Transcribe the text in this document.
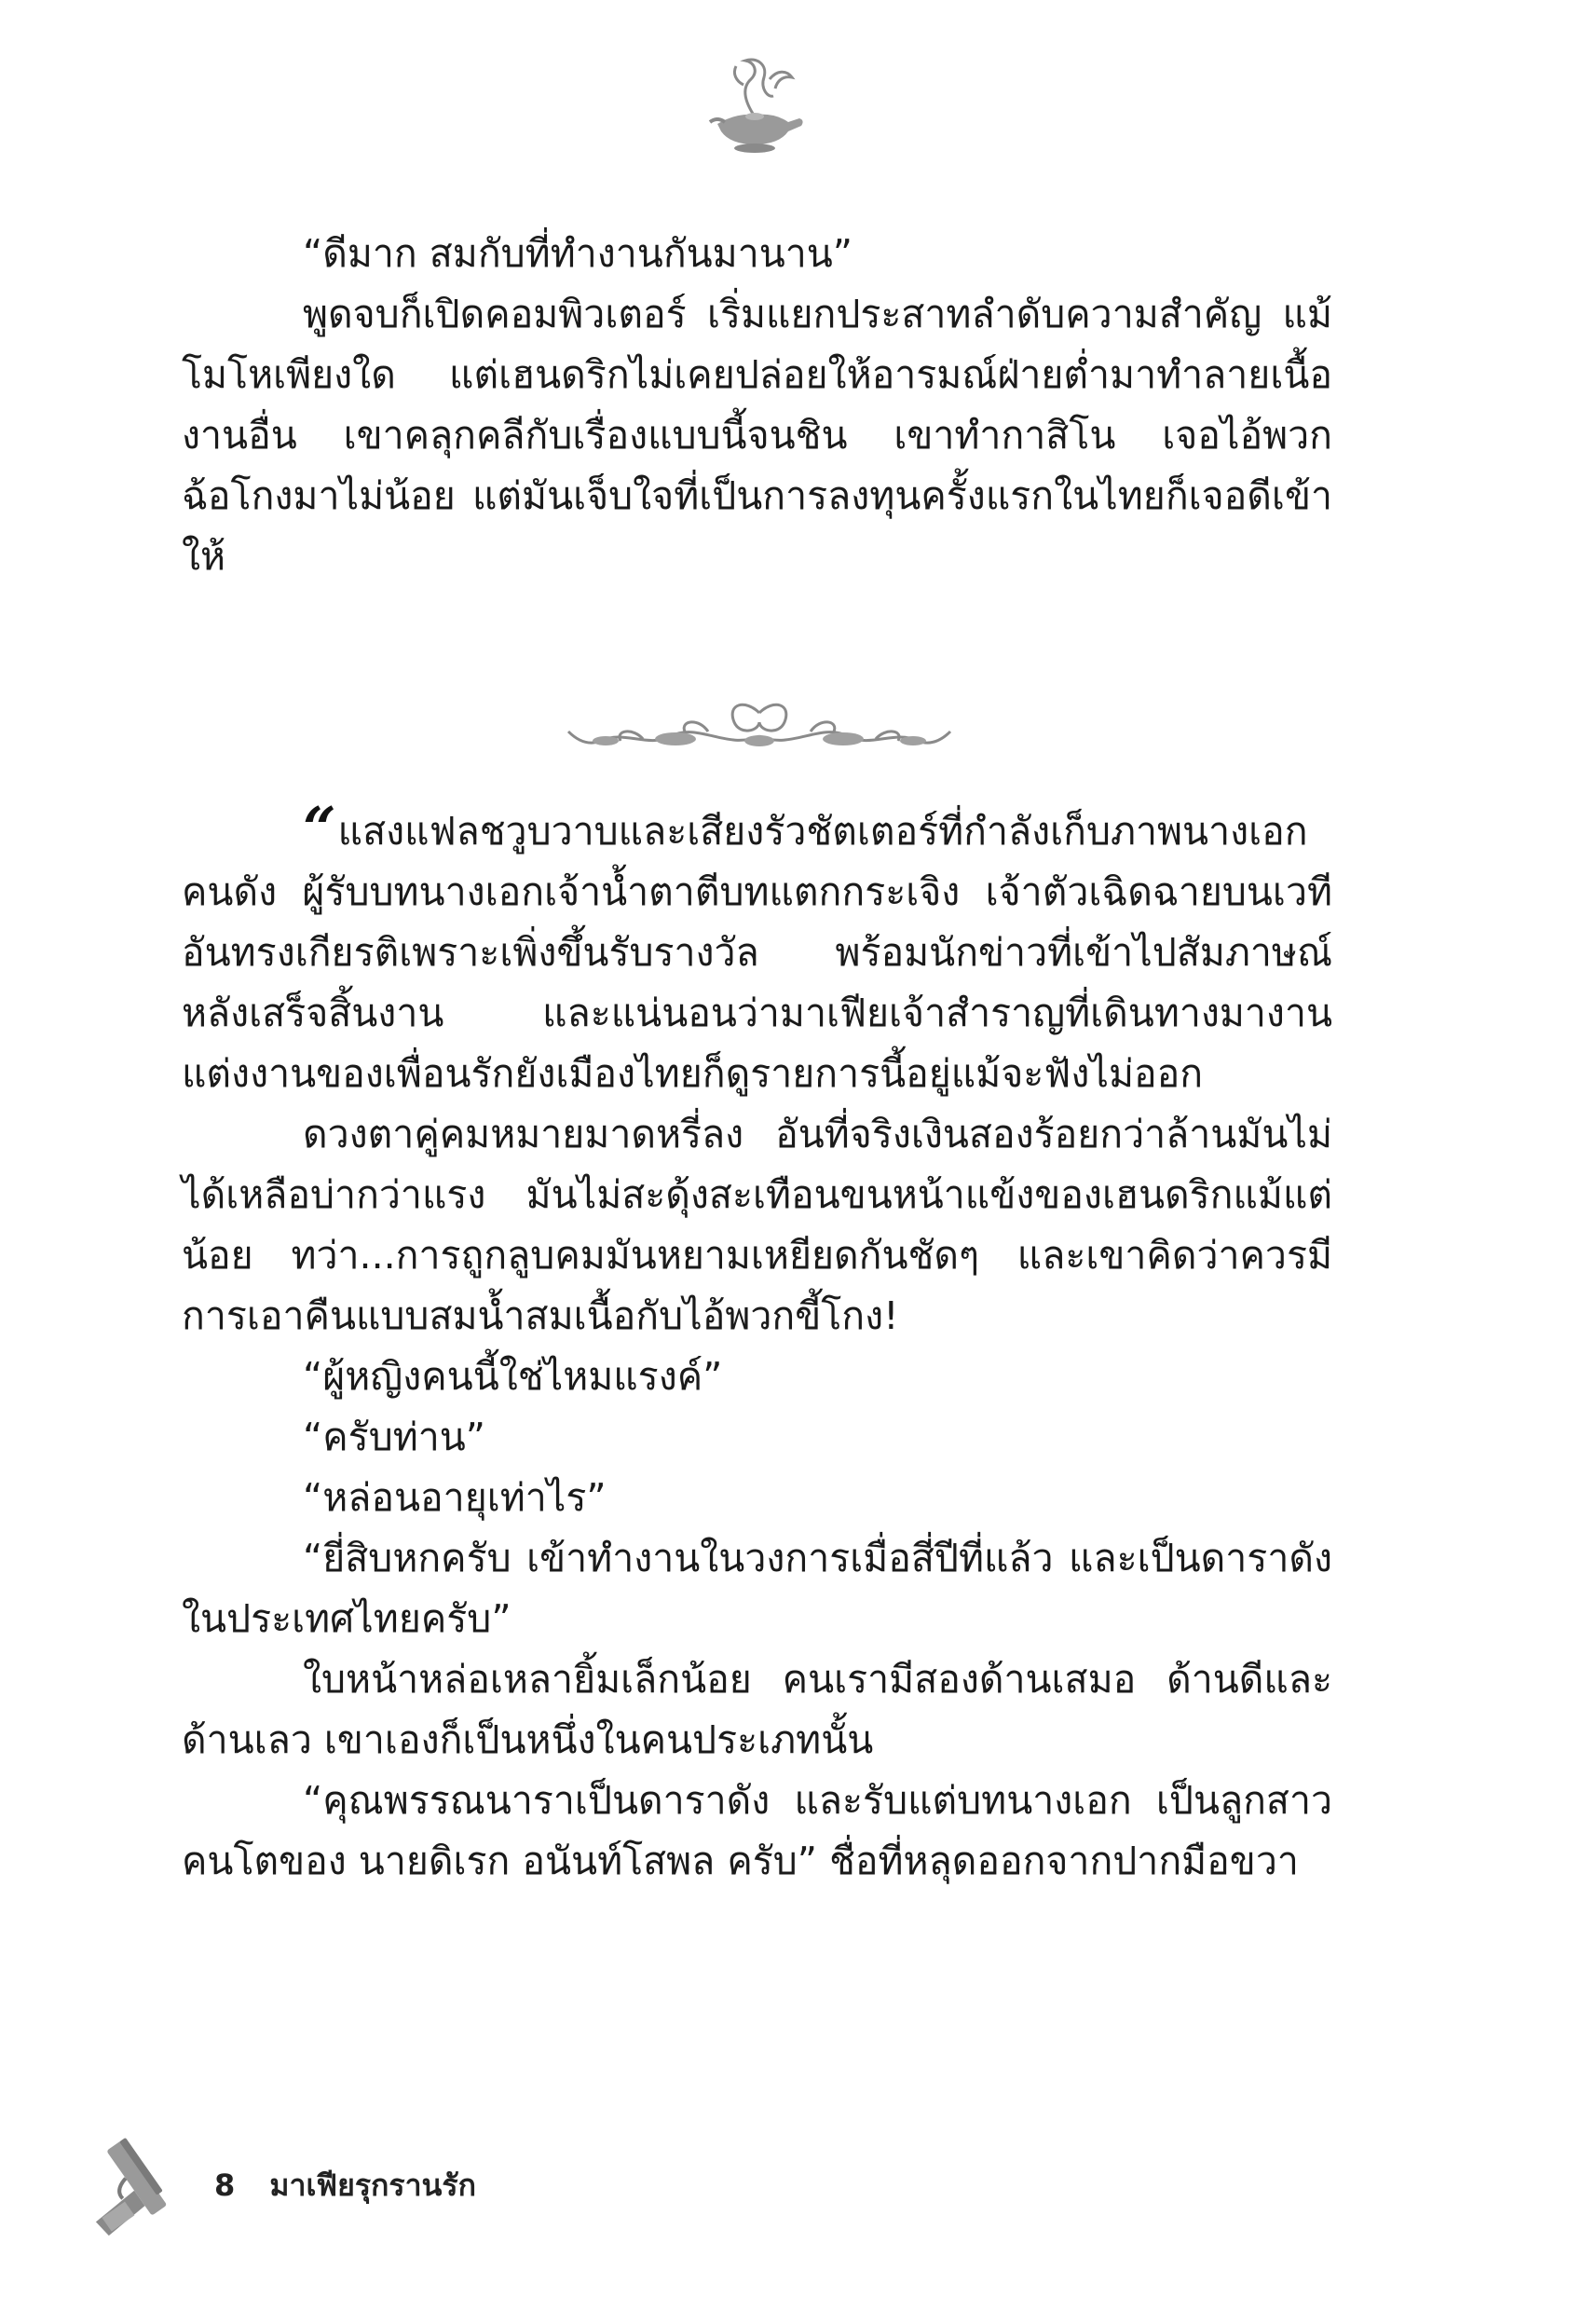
“ดีมาก สมกับที่ทำงานกันมานาน”

พูดจบก็เปิดคอมพิวเตอร์ เริ่มแยกประสาทลำดับความสำคัญ แม้โมโหเพียงใด แต่เฮนดริกไม่เคยปล่อยให้อารมณ์ฝ่ายต่ำมาทำลายเนื้องานอื่น เขาคลุกคลีกับเรื่องแบบนี้จนชิน เขาทำกาสิโน เจอไอ้พวกฉ้อโกงมาไม่น้อย แต่มันเจ็บใจที่เป็นการลงทุนครั้งแรกในไทยก็เจอดีเข้าให้

“แสงแฟลชวูบวาบและเสียงรัวชัตเตอร์ที่กำลังเก็บภาพนางเอกคนดัง ผู้รับบทนางเอกเจ้าน้ำตาตีบทแตกกระเจิง เจ้าตัวเฉิดฉายบนเวทีอันทรงเกียรติเพราะเพิ่งขึ้นรับรางวัล พร้อมนักข่าวที่เข้าไปสัมภาษณ์หลังเสร็จสิ้นงาน และแน่นอนว่ามาเฟียเจ้าสำราญที่เดินทางมางานแต่งงานของเพื่อนรักยังเมืองไทยก็ดูรายการนี้อยู่แม้จะฟังไม่ออก

ดวงตาคู่คมหมายมาดหรี่ลง อันที่จริงเงินสองร้อยกว่าล้านมันไม่ได้เหลือบ่ากว่าแรง มันไม่สะดุ้งสะเทือนขนหน้าแข้งของเฮนดริกแม้แต่น้อย ทว่า...การถูกลูบคมมันหยามเหยียดกันชัดๆ และเขาคิดว่าควรมีการเอาคืนแบบสมน้ำสมเนื้อกับไอ้พวกขี้โกง!

“ผู้หญิงคนนี้ใช่ไหมแรงค์”

“ครับท่าน”

“หล่อนอายุเท่าไร”

“ยี่สิบหกครับ เข้าทำงานในวงการเมื่อสี่ปีที่แล้ว และเป็นดาราดังในประเทศไทยครับ”

ใบหน้าหล่อเหลายิ้มเล็กน้อย คนเรามีสองด้านเสมอ ด้านดีและด้านเลว เขาเองก็เป็นหนึ่งในคนประเภทนั้น

“คุณพรรณนาราเป็นดาราดัง และรับแต่บทนางเอก เป็นลูกสาวคนโตของ นายดิเรก อนันท์โสพล ครับ” ชื่อที่หลุดออกจากปากมือขวา

8 มาเฟียรุกรานรัก
